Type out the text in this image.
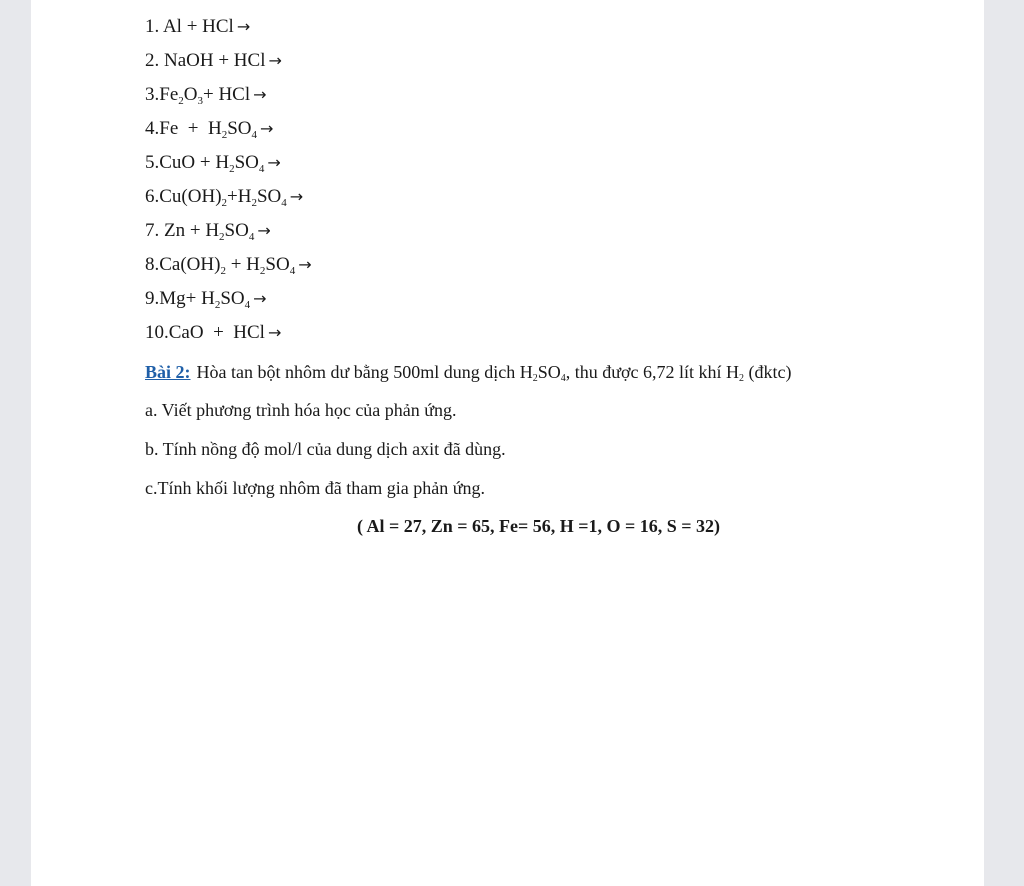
1. Al + HCl →
2. NaOH + HCl →
$3.Fe_2O_3+$ HCl →
$4.Fe + H_2SO_4$ →
$5.CuO + H_2SO_4$ →
$6.Cu(OH)_2+H_2SO_4$ →
7. $Zn + H_2SO_4$ →
$8.Ca(OH)_2 + H_2SO_4$ →
$9.Mg+ H_2SO_4$ →
10.CaO  +  HCl →
Bài 2: Hòa tan bột nhôm dư bằng 500ml dung dịch $H_2SO_4$, thu được 6,72 lít khí $H_2$ (đktc)
a. Viết phương trình hóa học của phản ứng.
b. Tính nồng độ mol/l của dung dịch axit đã dùng.
c.Tính khối lượng nhôm đã tham gia phản ứng.
( Al = 27, Zn = 65, Fe= 56, H =1, O = 16, S = 32)
